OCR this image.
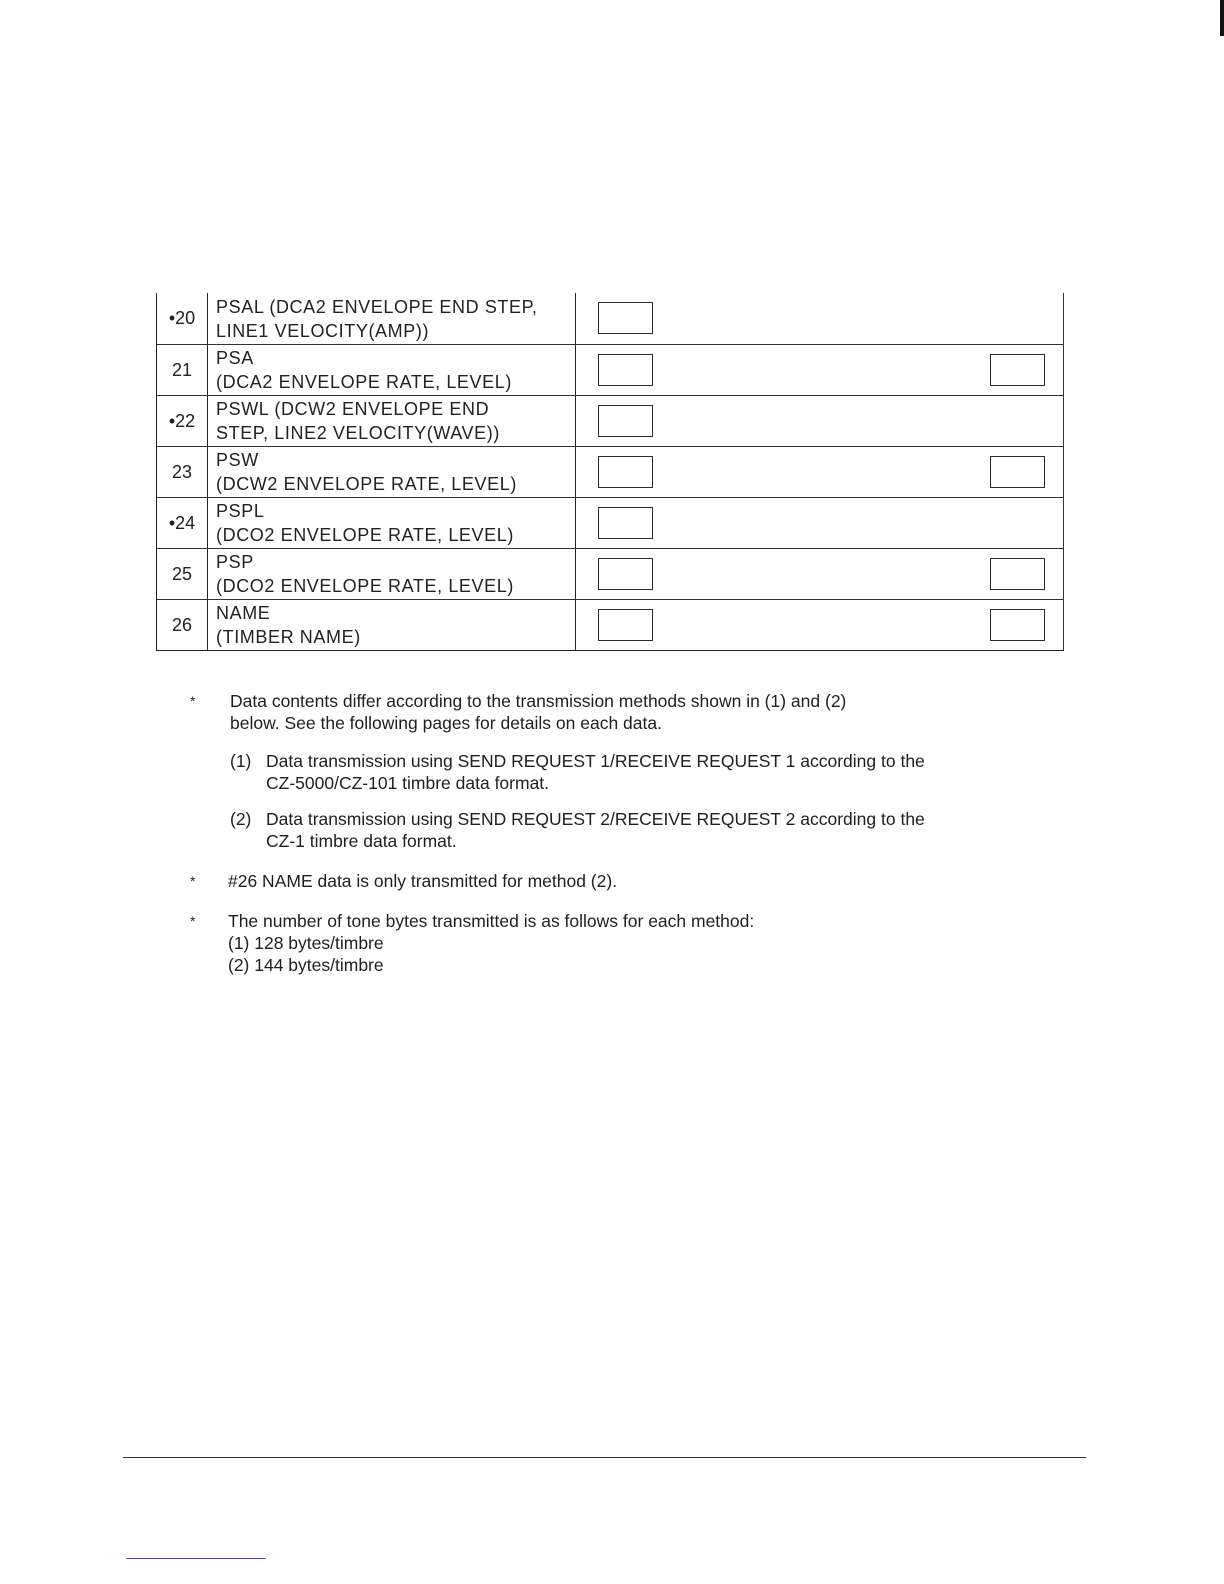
•20
PSAL (DCA2 ENVELOPE END STEP,
LINE1 VELOCITY(AMP))
21
PSA
(DCA2 ENVELOPE RATE, LEVEL)
•22
PSWL (DCW2 ENVELOPE END
STEP, LINE2 VELOCITY(WAVE))
23
PSW
(DCW2 ENVELOPE RATE, LEVEL)
•24
PSPL
(DCO2 ENVELOPE RATE, LEVEL)
25
PSP
(DCO2 ENVELOPE RATE, LEVEL)
26
NAME
(TIMBER NAME)
* Data contents differ according to the transmission methods shown in (1) and (2)
below. See the following pages for details on each data.
(1) Data transmission using SEND REQUEST 1/RECEIVE REQUEST 1 according to the
CZ-5000/CZ-101 timbre data format.
(2) Data transmission using SEND REQUEST 2/RECEIVE REQUEST 2 according to the
CZ-1 timbre data format.
* #26 NAME data is only transmitted for method (2).
* The number of tone bytes transmitted is as follows for each method:
(1) 128 bytes/timbre
(2) 144 bytes/timbre
